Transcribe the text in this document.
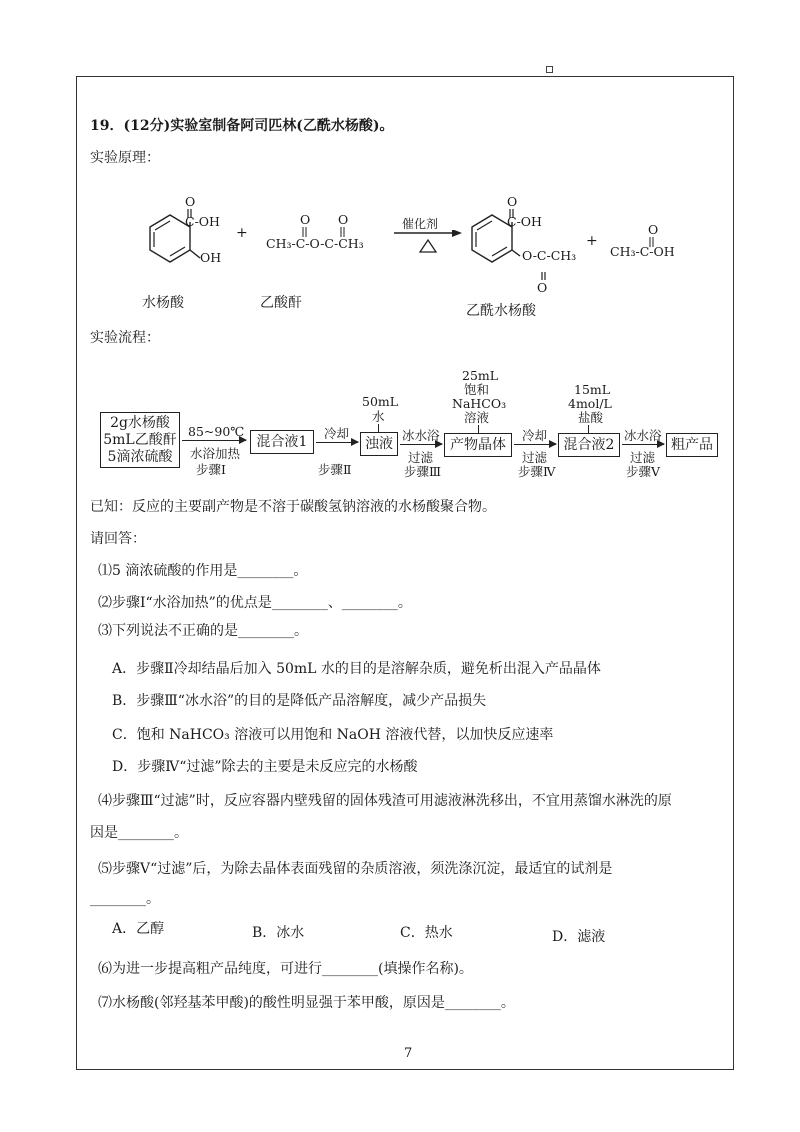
19．(12分)实验室制备阿司匹林(乙酰水杨酸)。
实验原理：
O
C-OH
OH
+
O O
CH₃-C-O-C-CH₃
催化剂
O
C-OH
O-C-CH₃
O
+
O
CH₃-C-OH
水杨酸	乙酸酐	乙酰水杨酸
实验流程：
2g水杨酸
5mL乙酸酐
5滴浓硫酸
85~90℃
水浴加热
步骤Ⅰ
混合液1
冷却
步骤Ⅱ
50mL
水
浊液
冰水浴
过滤
步骤Ⅲ
25mL
饱和
NaHCO₃
溶液
产物晶体
冷却
过滤
步骤Ⅳ
15mL
4mol/L
盐酸
混合液2
冰水浴
过滤
步骤Ⅴ
粗产品
已知：反应的主要副产物是不溶于碳酸氢钠溶液的水杨酸聚合物。
请回答：
⑴5 滴浓硫酸的作用是________。
⑵步骤Ⅰ“水浴加热”的优点是________、________。
⑶下列说法不正确的是________。
A．步骤Ⅱ冷却结晶后加入 50mL 水的目的是溶解杂质，避免析出混入产品晶体
B．步骤Ⅲ“冰水浴”的目的是降低产品溶解度，减少产品损失
C．饱和 NaHCO₃ 溶液可以用饱和 NaOH 溶液代替，以加快反应速率
D．步骤Ⅳ“过滤”除去的主要是未反应完的水杨酸
⑷步骤Ⅲ“过滤”时，反应容器内壁残留的固体残渣可用滤液淋洗移出，不宜用蒸馏水淋洗的原
因是________。
⑸步骤Ⅴ“过滤”后，为除去晶体表面残留的杂质溶液，须洗涤沉淀，最适宜的试剂是
________。
A．乙醇	B．冰水	C．热水	D．滤液
⑹为进一步提高粗产品纯度，可进行________(填操作名称)。
⑺水杨酸(邻羟基苯甲酸)的酸性明显强于苯甲酸，原因是________。
7
